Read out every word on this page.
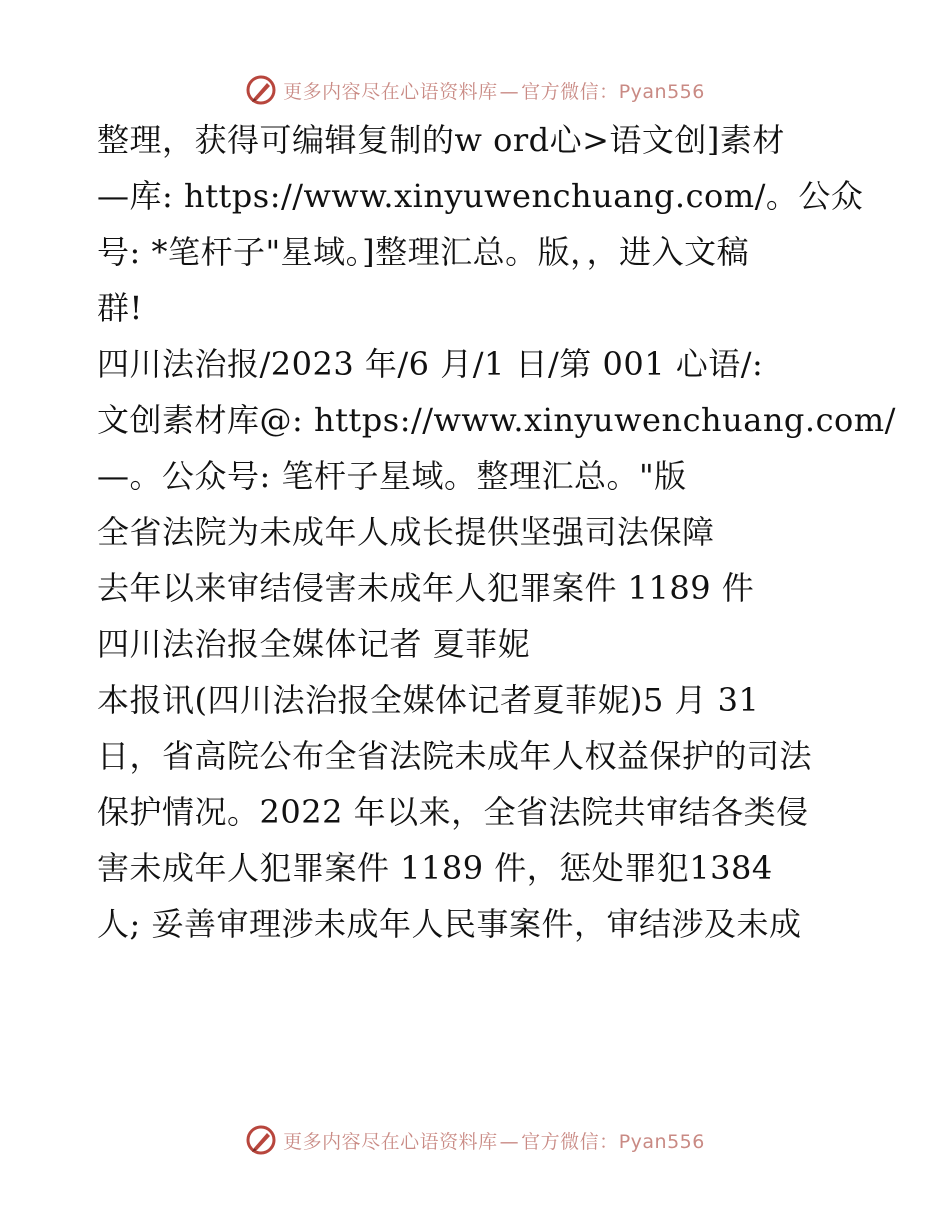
更多内容尽在心语资料库 — 官方微信：Pyan556

整理，获得可编辑复制的w ord心>语文创]素材

—库: https://www.xinyuwenchuang.com/。公众

号: *笔杆子"星域。]整理汇总。版，，进入文稿

群!

四川法治报/2023 年/6 月/1 日/第 001 心语/:

文创素材库@: https://www.xinyuwenchuang.com/

—。公众号: 笔杆子星域。整理汇总。"版

全省法院为未成年人成长提供坚强司法保障

去年以来审结侵害未成年人犯罪案件 1189 件

四川法治报全媒体记者 夏菲妮

本报讯(四川法治报全媒体记者夏菲妮)5 月 31

日，省高院公布全省法院未成年人权益保护的司法

保护情况。2022 年以来，全省法院共审结各类侵

害未成年人犯罪案件 1189 件，惩处罪犯1384

人; 妥善审理涉未成年人民事案件，审结涉及未成

更多内容尽在心语资料库 — 官方微信：Pyan556
